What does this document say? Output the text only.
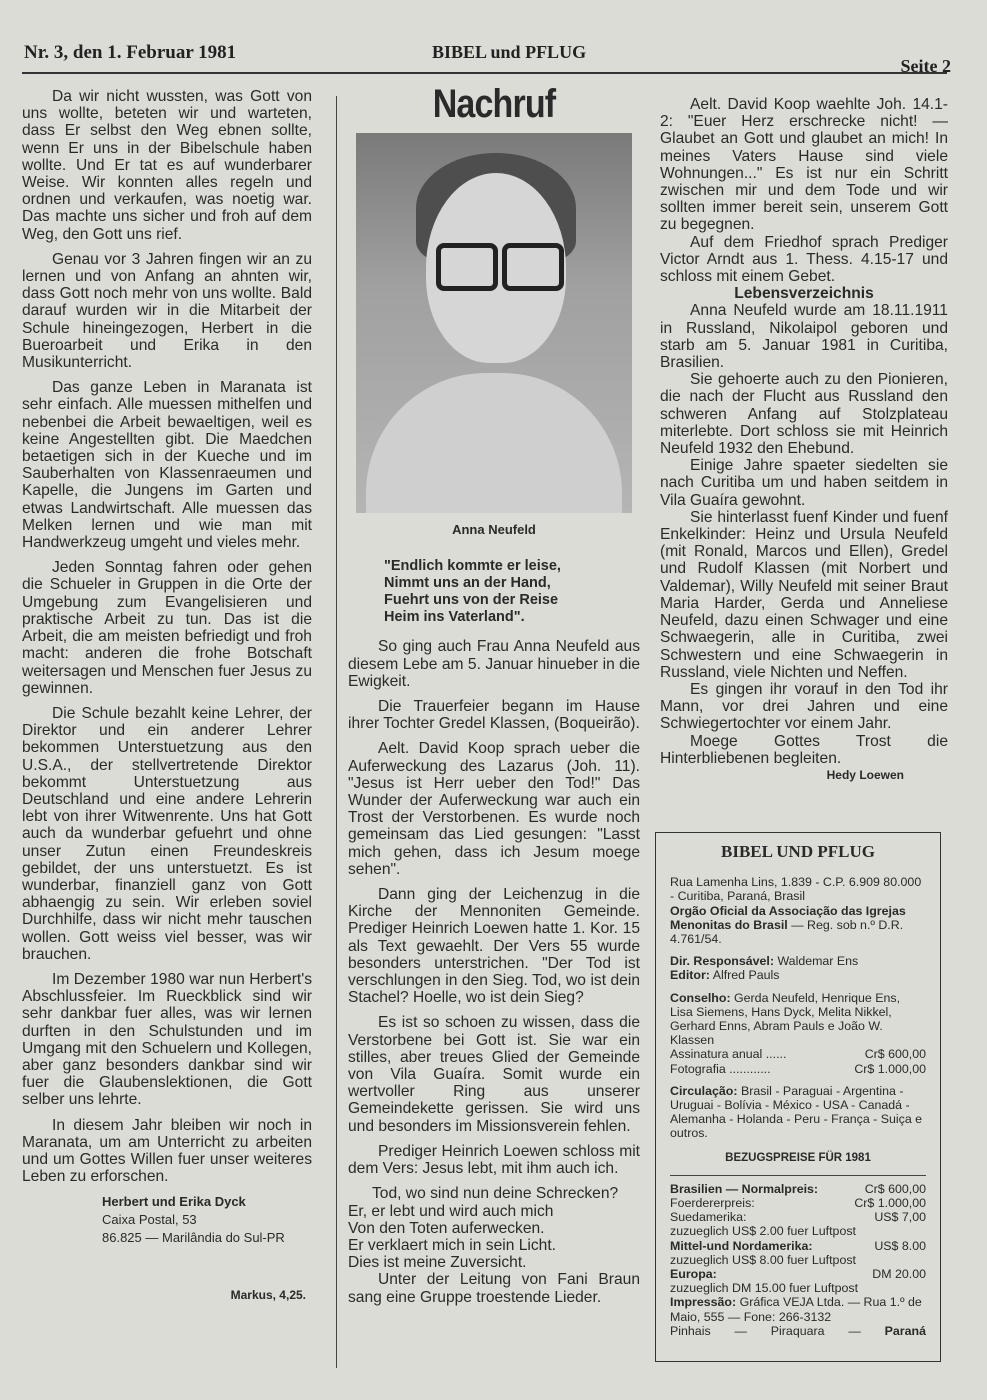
Nr. 3, den 1. Februar 1981	BIBEL und PFLUG
Seite 2

Da wir nicht wussten, was Gott von uns wollte, beteten wir und warteten, dass Er selbst den Weg ebnen sollte, wenn Er uns in der Bibelschule haben wollte. Und Er tat es auf wunderbarer Weise. Wir konnten alles regeln und ordnen und verkaufen, was noetig war. Das machte uns sicher und froh auf dem Weg, den Gott uns rief.

Genau vor 3 Jahren fingen wir an zu lernen und von Anfang an ahnten wir, dass Gott noch mehr von uns wollte. Bald darauf wurden wir in die Mitarbeit der Schule hineingezogen, Herbert in die Bueroarbeit und Erika in den Musikunterricht.

Das ganze Leben in Maranata ist sehr einfach. Alle muessen mithelfen und nebenbei die Arbeit bewaeltigen, weil es keine Angestellten gibt. Die Maedchen betaetigen sich in der Kueche und im Sauberhalten von Klassenraeumen und Kapelle, die Jungens im Garten und etwas Landwirtschaft. Alle muessen das Melken lernen und wie man mit Handwerkzeug umgeht und vieles mehr.

Jeden Sonntag fahren oder gehen die Schueler in Gruppen in die Orte der Umgebung zum Evangelisieren und praktische Arbeit zu tun. Das ist die Arbeit, die am meisten befriedigt und froh macht: anderen die frohe Botschaft weitersagen und Menschen fuer Jesus zu gewinnen.

Die Schule bezahlt keine Lehrer, der Direktor und ein anderer Lehrer bekommen Unterstuetzung aus den U.S.A., der stellvertretende Direktor bekommt Unterstuetzung aus Deutschland und eine andere Lehrerin lebt von ihrer Witwenrente. Uns hat Gott auch da wunderbar gefuehrt und ohne unser Zutun einen Freundeskreis gebildet, der uns unterstuetzt. Es ist wunderbar, finanziell ganz von Gott abhaengig zu sein. Wir erleben soviel Durchhilfe, dass wir nicht mehr tauschen wollen. Gott weiss viel besser, was wir brauchen.

Im Dezember 1980 war nun Herbert's Abschlussfeier. Im Rueckblick sind wir sehr dankbar fuer alles, was wir lernen durften in den Schulstunden und im Umgang mit den Schuelern und Kollegen, aber ganz besonders dankbar sind wir fuer die Glaubenslektionen, die Gott selber uns lehrte.

In diesem Jahr bleiben wir noch in Maranata, um am Unterricht zu arbeiten und um Gottes Willen fuer unser weiteres Leben zu erforschen.

Herbert und Erika Dyck
Caixa Postal, 53
86.825 — Marilândia do Sul-PR
Markus, 4,25.
Nachruf
Anna Neufeld
"Endlich kommte er leise,
Nimmt uns an der Hand,
Fuehrt uns von der Reise
Heim ins Vaterland".

So ging auch Frau Anna Neufeld aus diesem Lebe am 5. Januar hinueber in die Ewigkeit.

Die Trauerfeier begann im Hause ihrer Tochter Gredel Klassen, (Boqueirão).

Aelt. David Koop sprach ueber die Auferweckung des Lazarus (Joh. 11). "Jesus ist Herr ueber den Tod!" Das Wunder der Auferweckung war auch ein Trost der Verstorbenen. Es wurde noch gemeinsam das Lied gesungen: "Lasst mich gehen, dass ich Jesum moege sehen".

Dann ging der Leichenzug in die Kirche der Mennoniten Gemeinde. Prediger Heinrich Loewen hatte 1. Kor. 15 als Text gewaehlt. Der Vers 55 wurde besonders unterstrichen. "Der Tod ist verschlungen in den Sieg. Tod, wo ist dein Stachel? Hoelle, wo ist dein Sieg?

Es ist so schoen zu wissen, dass die Verstorbene bei Gott ist. Sie war ein stilles, aber treues Glied der Gemeinde von Vila Guaíra. Somit wurde ein wertvoller Ring aus unserer Gemeindekette gerissen. Sie wird uns und besonders im Missionsverein fehlen.

Prediger Heinrich Loewen schloss mit dem Vers: Jesus lebt, mit ihm auch ich.

Tod, wo sind nun deine Schrecken?

Er, er lebt und wird auch mich

Von den Toten auferwecken.

Er verklaert mich in sein Licht.

Dies ist meine Zuversicht.

Unter der Leitung von Fani Braun sang eine Gruppe troestende Lieder.

Aelt. David Koop waehlte Joh. 14.1-2: "Euer Herz erschrecke nicht! — Glaubet an Gott und glaubet an mich! In meines Vaters Hause sind viele Wohnungen..." Es ist nur ein Schritt zwischen mir und dem Tode und wir sollten immer bereit sein, unserem Gott zu begegnen.

Auf dem Friedhof sprach Prediger Victor Arndt aus 1. Thess. 4.15-17 und schloss mit einem Gebet.

Lebensverzeichnis

Anna Neufeld wurde am 18.11.1911 in Russland, Nikolaipol geboren und starb am 5. Januar 1981 in Curitiba, Brasilien.

Sie gehoerte auch zu den Pionieren, die nach der Flucht aus Russland den schweren Anfang auf Stolzplateau miterlebte. Dort schloss sie mit Heinrich Neufeld 1932 den Ehebund.

Einige Jahre spaeter siedelten sie nach Curitiba um und haben seitdem in Vila Guaíra gewohnt.

Sie hinterlasst fuenf Kinder und fuenf Enkelkinder: Heinz und Ursula Neufeld (mit Ronald, Marcos und Ellen), Gredel und Rudolf Klassen (mit Norbert und Valdemar), Willy Neufeld mit seiner Braut Maria Harder, Gerda und Anneliese Neufeld, dazu einen Schwager und eine Schwaegerin, alle in Curitiba, zwei Schwestern und eine Schwaegerin in Russland, viele Nichten und Neffen.

Es gingen ihr vorauf in den Tod ihr Mann, vor drei Jahren und eine Schwiegertochter vor einem Jahr.

Moege Gottes Trost die Hinterbliebenen begleiten.

Hedy Loewen
BIBEL UND PFLUG

Rua Lamenha Lins, 1.839 - C.P. 6.909 80.000 - Curitiba, Paraná, Brasil
Orgão Oficial da Associação das Igrejas Menonitas do Brasil — Reg. sob n.º D.R. 4.761/54.

Dir. Responsável: Waldemar Ens
Editor: Alfred Pauls

Conselho: Gerda Neufeld, Henrique Ens, Lisa Siemens, Hans Dyck, Melita Nikkel, Gerhard Enns, Abram Pauls e João W. Klassen

Assinatura anual ......	Cr$ 600,00
Fotografia ............	Cr$ 1.000,00

Circulação: Brasil - Paraguai - Argentina - Uruguai - Bolívia - México - USA - Canadá - Alemanha - Holanda - Peru - França - Suiça e outros.

BEZUGSPREISE FÜR 1981
Brasilien — Normalpreis:	Cr$ 600,00
Foerdererpreis:	Cr$ 1.000,00
Suedamerika:	US$ 7,00
zuzueglich US$ 2.00 fuer Luftpost
Mittel-und Nordamerika:	US$ 8.00
zuzueglich US$ 8.00 fuer Luftpost
Europa:	DM 20.00
zuzueglich DM 15.00 fuer Luftpost

Impressão: Gráfica VEJA Ltda. — Rua 1.º de Maio, 555 — Fone: 266-3132

Pinhais — Piraquara — Paraná
